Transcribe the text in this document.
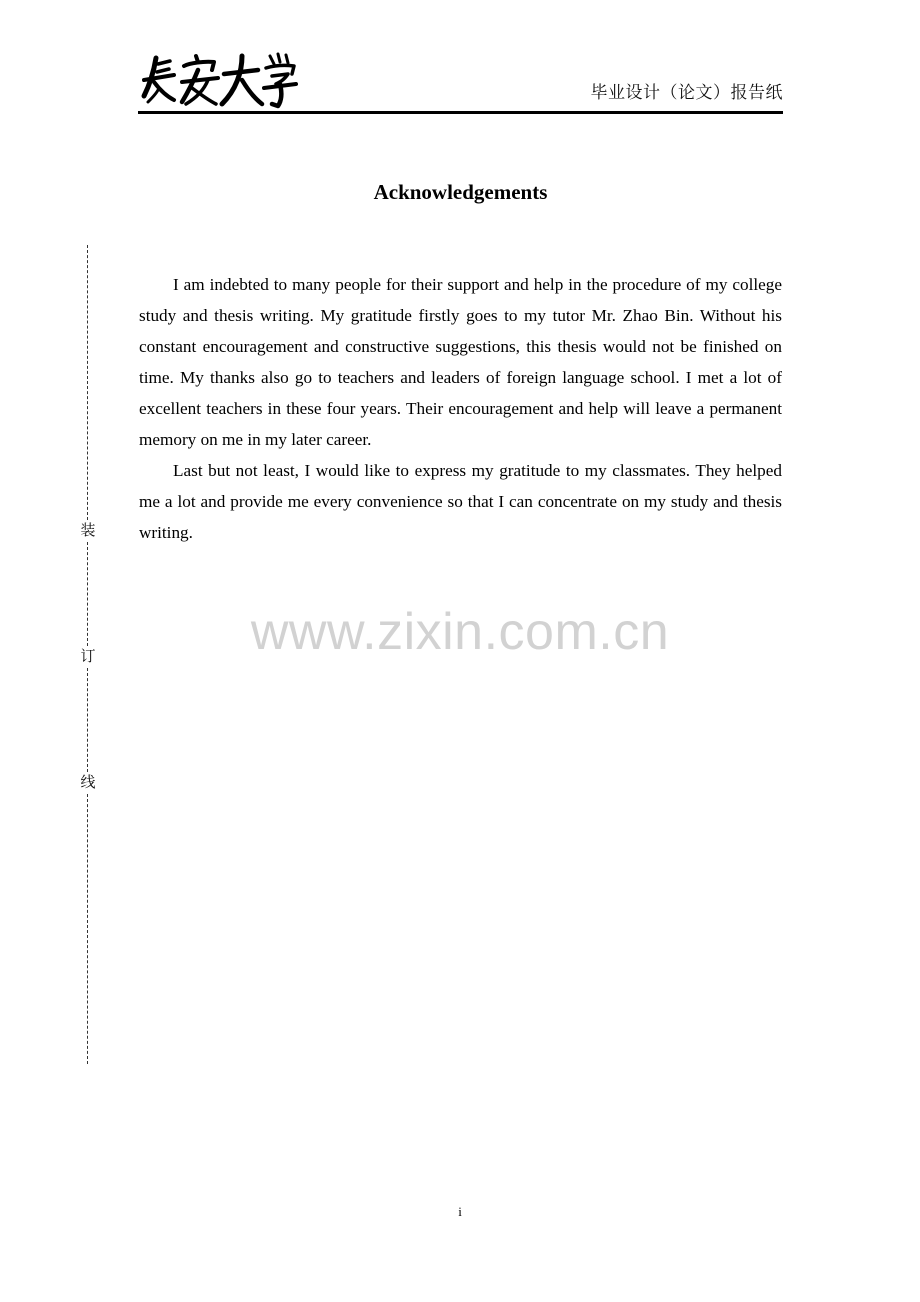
毕业设计（论文）报告纸
装
订
线
Acknowledgements

I am indebted to many people for their support and help in the procedure of my college study and thesis writing. My gratitude firstly goes to my tutor Mr. Zhao Bin. Without his constant encouragement and constructive suggestions, this thesis would not be finished on time. My thanks also go to teachers and leaders of foreign language school. I met a lot of excellent teachers in these four years. Their encouragement and help will leave a permanent memory on me in my later career.

Last but not least, I would like to express my gratitude to my classmates. They helped me a lot and provide me every convenience so that I can concentrate on my study and thesis writing.

www.zixin.com.cn
i
